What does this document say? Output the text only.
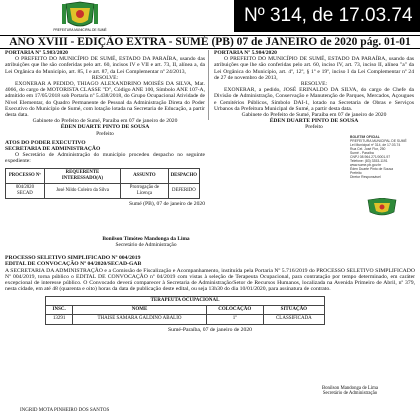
PREFEITURA MUNICIPAL DE SUMÉ
Nº 314, de 17.03.74
ANO XVIII - EDIÇÃO EXTRA - SUMÉ (PB) 07 de JANEIRO de 2020 pág. 01-01

PORTARIA Nº 5.983/2020

O PREFEITO DO MUNICÍPIO DE SUMÉ, ESTADO DA PARAÍBA, usando das atribuições que lhe são conferidas pelo art. 60, incisos IV e VII e art. 73, II, alínea a, da Lei Orgânica do Município, art. 85, I e art. 87, da Lei Complementar nº 24/2013,

RESOLVE:

EXONERAR A PEDIDO, THIAGO ALEXANDRINO MOISÉS DA SILVA, Mat. 4066, do cargo de MOTORISTA CLASSE "D", Código ANE 100, Símbolo ANE 107-A, admitido em 17/05/2018 sob Portaria nº 5.438/2018, do Grupo Ocupacional Atividade de Nível Elementar, do Quadro Permanente de Pessoal da Administração Direta do Poder Executivo do Município de Sumé, com lotação lotada na Secretaria de Educação, a partir desta data.

Gabinete do Prefeito de Sumé, Paraíba em 07 de janeiro de 2020

ÉDEN DUARTE PINTO DE SOUSA

Prefeito

ATOS DO PODER EXECUTIVO

SECRETARIA DE ADMINISTRAÇÃO

O Secretário de Administração do município procedeu despacho no seguinte expediente:

PROCESSO Nº	REQUERENTE INTERESSADO(A)	ASSUNTO	DESPACHO
004/2020 SECAD	José Nildo Coleiro da Silva	Prorrogação de Licença	DEFERIDO

Sumé (PB), 07 de janeiro de 2020

PORTARIA Nº 5.984/2020

O PREFEITO DO MUNICÍPIO DE SUMÉ, ESTADO DA PARAÍBA, usando das atribuições que lhe são conferidas pelo art. 60, inciso IV, art. 73, inciso II, alínea "a" da Lei Orgânica do Município, art. 4º, 12º, § 1º e 19º, inciso I da Lei Complementar nº 24 de 27 de novembro de 2013,

RESOLVE:

EXONERAR, a pedido, JOSÉ ERINALDO DA SILVA, do cargo de Chefe da Divisão de Administração, Conservação e Manutenção de Parques, Mercados, Açougues e Cemitérios Públicos, Símbolo DAI-1, lotado na Secretaria de Obras e Serviços Urbanos da Prefeitura Municipal de Sumé, a partir desta data.

Gabinete do Prefeito de Sumé, Paraíba em 07 de janeiro de 2020

ÉDEN DUARTE PINTO DE SOUSA

Prefeito

BOLETIM OFICIAL
PREFEITURA MUNICIPAL DE SUMÉ
Lei Municipal nº 314, de 17.03.74
Rua Cel. José Flor, 250
Sumé - Paraíba
CNPJ 08.964.271/0001-97
Telefone: (83) 3353-1191
www.sume.pb.gov.br
Éden Duarte Pinto de Sousa
Prefeito
Diretor Responsável
Bonilson Timóteo Mandonga da Lima
Secretário de Administração

PROCESSO SELETIVO SIMPLIFICADO Nº 004/2019

EDITAL DE CONVOCAÇÃO Nº 04/2020/SECAD-GAB

A SECRETARIA DA ADMINISTRAÇÃO e a Comissão de Fiscalização e Acompanhamento, instituída pela Portaria Nº 5.716/2019 do PROCESSO SELETIVO SIMPLIFICADO Nº 004/2019, torna público o EDITAL DE CONVOCAÇÃO nº 04/2019 com vistas à seleção de Terapeuta Ocupacional, para contratação por tempo determinado, em caráter excepcional de interesse público. O Convocado deverá comparecer à Secretaria de Administração/Setor de Recursos Humanos, localizada na Avenida Primeiro de Abril, nº 379, nesta cidade, em até 48 (quarenta e oito) horas da data de publicação deste edital, ou seja 13h30 do dia 10/01/2020, para assinatura de contrato.

TERAPEUTA OCUPACIONAL			
INSC.	NOME	COLOCAÇÃO	SITUAÇÃO
13291	THAISE SAMARA GALDINO ABALIO	1º	CLASSIFICADA

Sumé-Paraíba, 07 de janeiro de 2020

Bonilson Mandonga de Lima
Secretário de Administração
INGRID MOTA PINHEIRO DOS SANTOS
